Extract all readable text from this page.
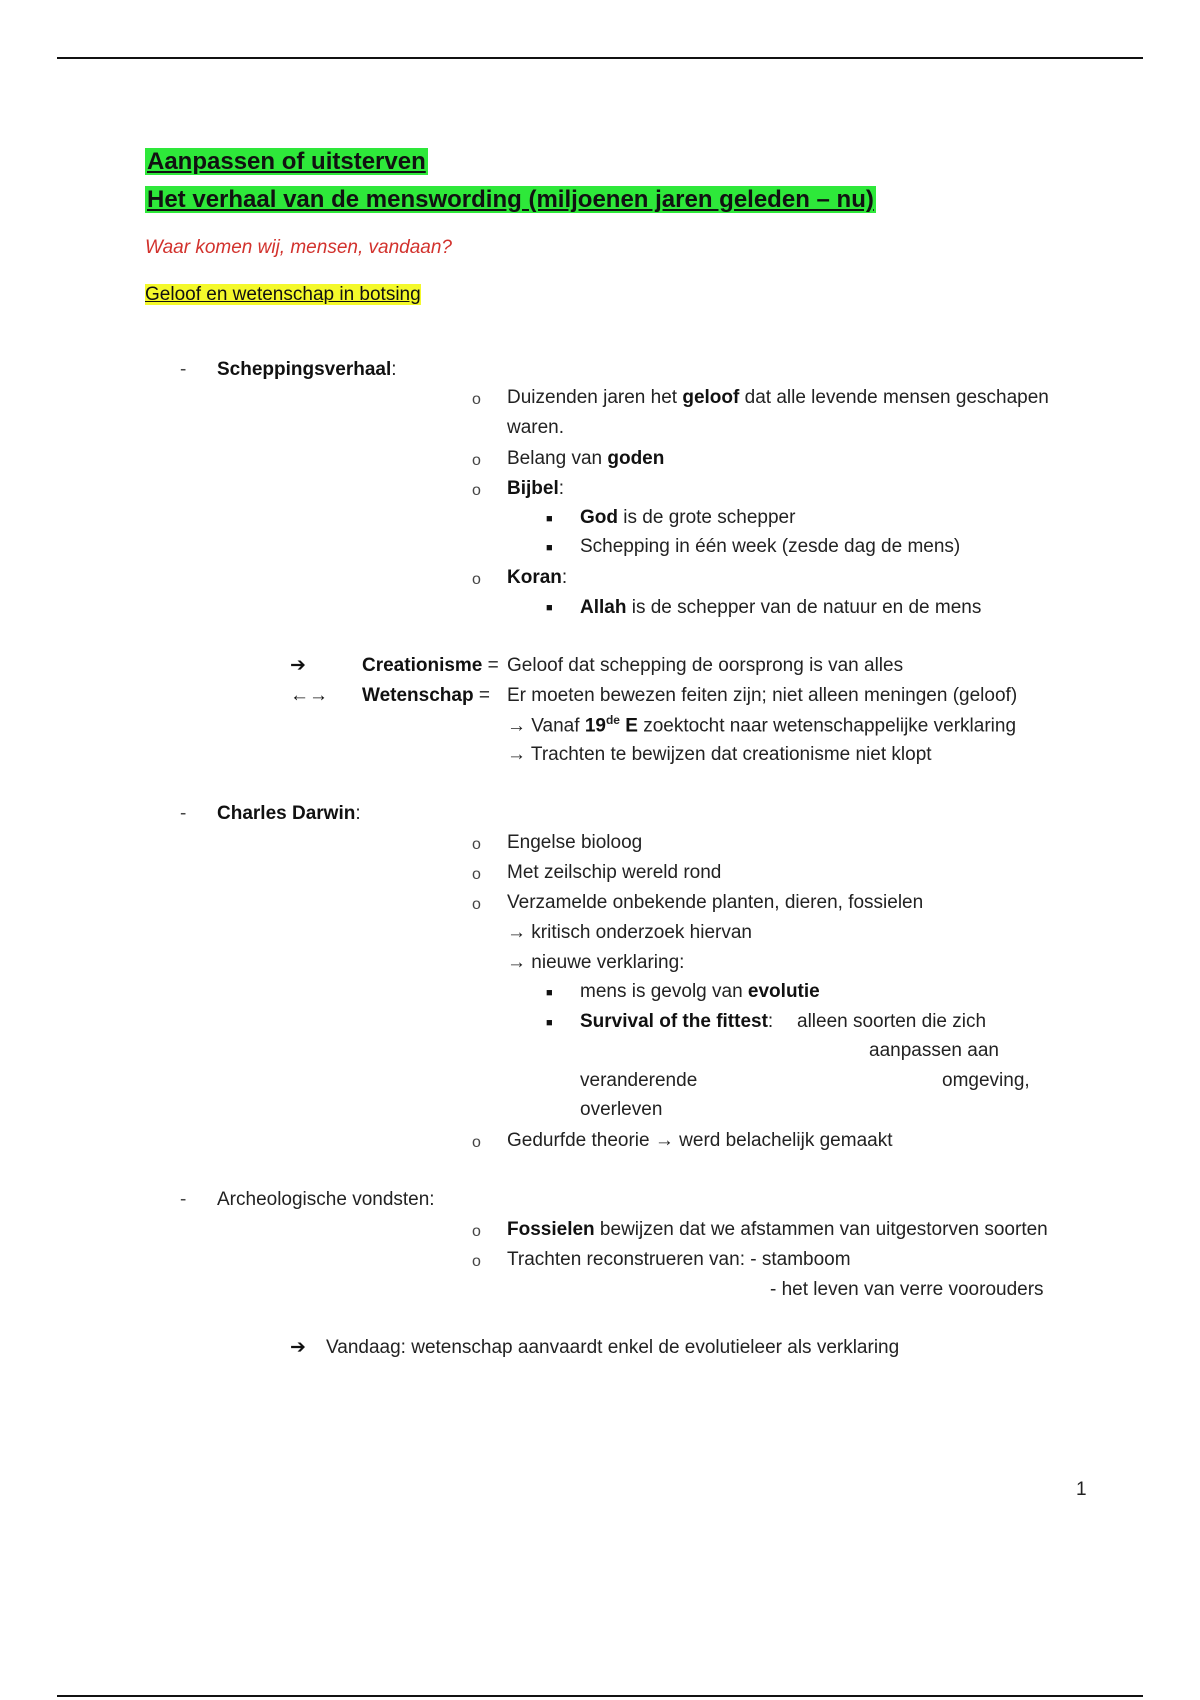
Aanpassen of uitsterven
Het verhaal van de menswording (miljoenen jaren geleden – nu)
Waar komen wij, mensen, vandaan?
Geloof en wetenschap in botsing
- Scheppingsverhaal:
o Duizenden jaren het geloof dat alle levende mensen geschapen
waren.
o Belang van goden
o Bijbel:
■ God is de grote schepper
■ Schepping in één week (zesde dag de mens)
o Koran:
■ Allah is de schepper van de natuur en de mens
➔	Creationisme = Geloof dat schepping de oorsprong is van alles
←→ Wetenschap = Er moeten bewezen feiten zijn; niet alleen meningen (geloof)
→ Vanaf 19de E zoektocht naar wetenschappelijke verklaring
→ Trachten te bewijzen dat creationisme niet klopt
- Charles Darwin:
o Engelse bioloog
o Met zeilschip wereld rond
o Verzamelde onbekende planten, dieren, fossielen
→ kritisch onderzoek hiervan
→ nieuwe verklaring:
■ mens is gevolg van evolutie
■ Survival of the fittest: alleen soorten die zich
aanpassen aan
veranderende	omgeving,
overleven
o Gedurfde theorie → werd belachelijk gemaakt
- Archeologische vondsten:
o Fossielen bewijzen dat we afstammen van uitgestorven soorten
o Trachten reconstrueren van: - stamboom
- het leven van verre voorouders
➔ Vandaag: wetenschap aanvaardt enkel de evolutieleer als verklaring
1
